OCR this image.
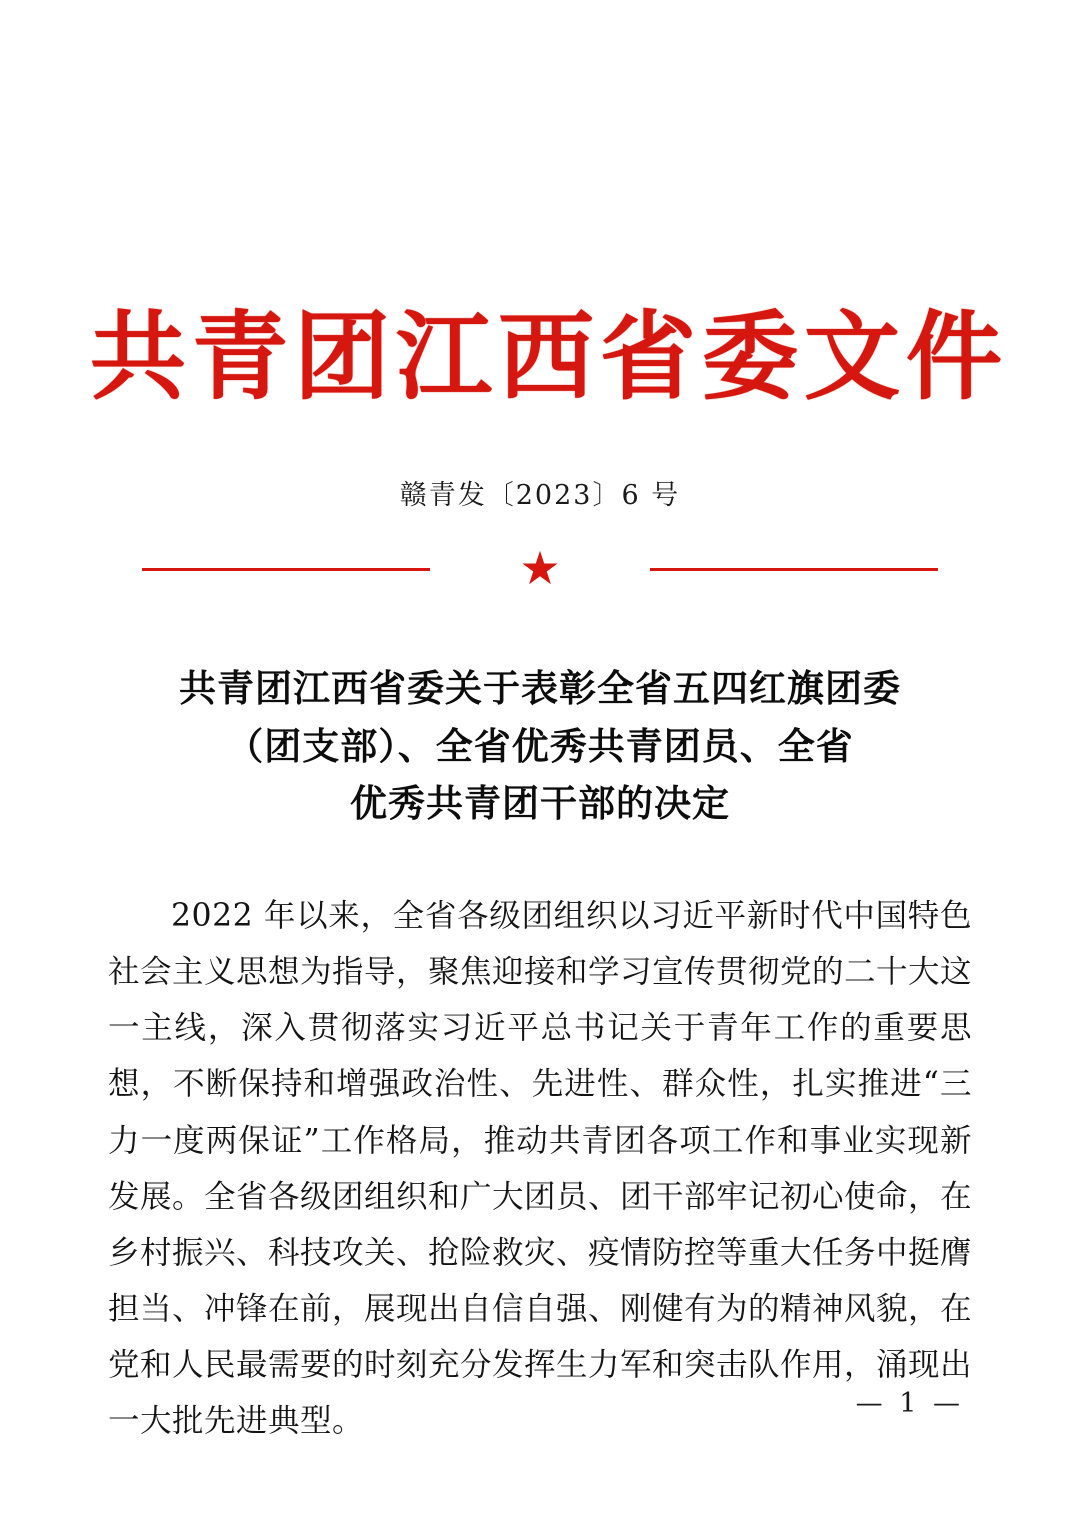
共青团江西省委文件
赣青发〔2023〕6 号
★
共青团江西省委关于表彰全省五四红旗团委
（团支部）、全省优秀共青团员、全省
优秀共青团干部的决定

2022 年以来，全省各级团组织以习近平新时代中国特色社会主义思想为指导，聚焦迎接和学习宣传贯彻党的二十大这一主线，深入贯彻落实习近平总书记关于青年工作的重要思想，不断保持和增强政治性、先进性、群众性，扎实推进“三力一度两保证”工作格局，推动共青团各项工作和事业实现新发展。全省各级团组织和广大团员、团干部牢记初心使命，在乡村振兴、科技攻关、抢险救灾、疫情防控等重大任务中挺膺担当、冲锋在前，展现出自信自强、刚健有为的精神风貌，在党和人民最需要的时刻充分发挥生力军和突击队作用，涌现出一大批先进典型。	— 1 —
